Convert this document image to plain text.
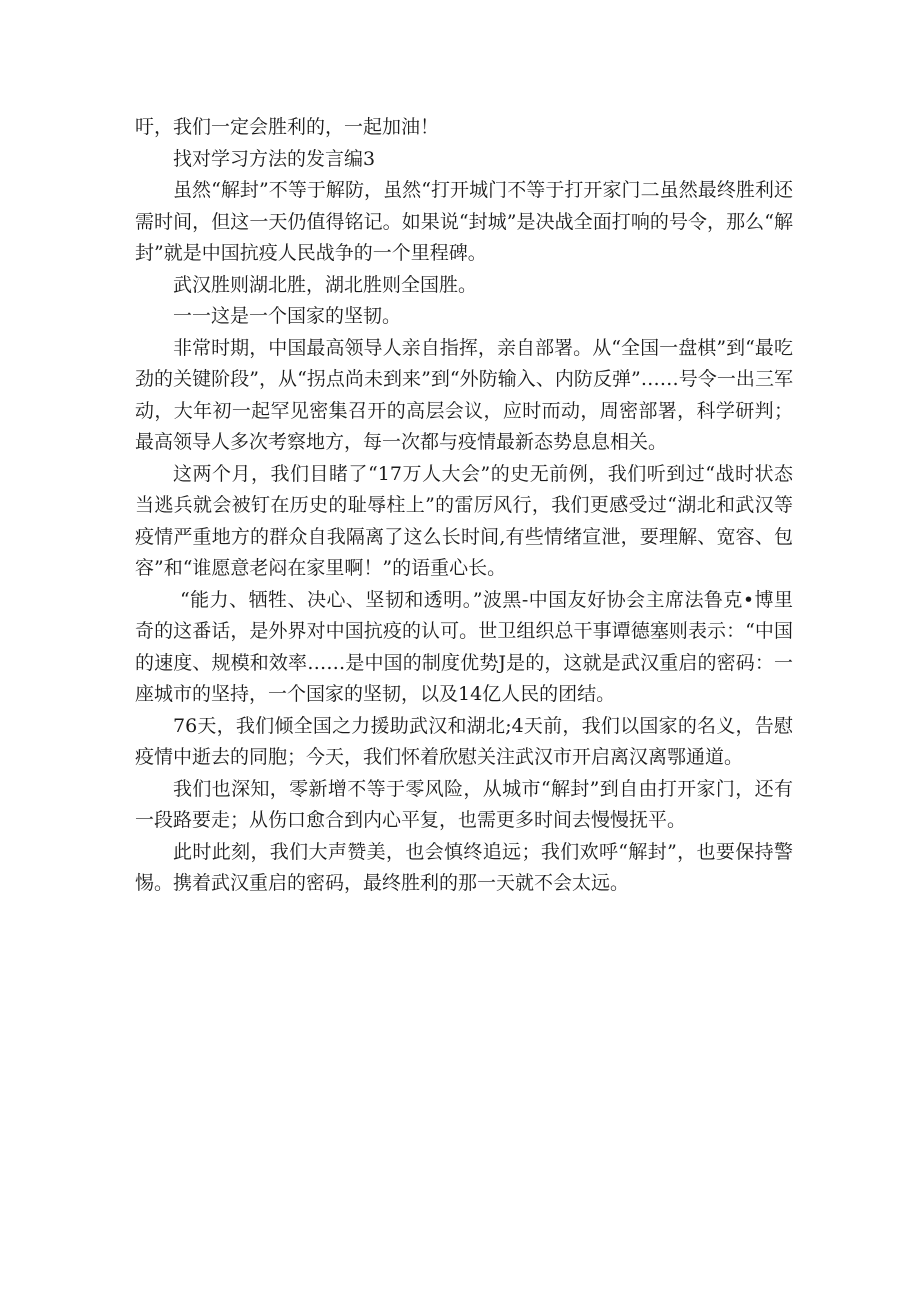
吁，我们一定会胜利的，一起加油！

找对学习方法的发言编3

虽然“解封”不等于解防，虽然“打开城门不等于打开家门二虽然最终胜利还需时间，但这一天仍值得铭记。如果说“封城”是决战全面打响的号令，那么“解封”就是中国抗疫人民战争的一个里程碑。

武汉胜则湖北胜，湖北胜则全国胜。

一一这是一个国家的坚韧。

非常时期，中国最高领导人亲自指挥，亲自部署。从“全国一盘棋”到“最吃劲的关键阶段”，从“拐点尚未到来”到“外防输入、内防反弹”……号令一出三军动，大年初一起罕见密集召开的高层会议，应时而动，周密部署，科学研判；最高领导人多次考察地方，每一次都与疫情最新态势息息相关。

这两个月，我们目睹了“17万人大会”的史无前例，我们听到过“战时状态当逃兵就会被钉在历史的耻辱柱上”的雷厉风行，我们更感受过“湖北和武汉等疫情严重地方的群众自我隔离了这么长时间,有些情绪宣泄，要理解、宽容、包容”和“谁愿意老闷在家里啊！”的语重心长。

“能力、牺牲、决心、坚韧和透明。”波黑-中国友好协会主席法鲁克•博里奇的这番话，是外界对中国抗疫的认可。世卫组织总干事谭德塞则表示：“中国的速度、规模和效率……是中国的制度优势J是的，这就是武汉重启的密码：一座城市的坚持，一个国家的坚韧，以及14亿人民的团结。

76天，我们倾全国之力援助武汉和湖北;4天前，我们以国家的名义，告慰疫情中逝去的同胞；今天，我们怀着欣慰关注武汉市开启离汉离鄂通道。

我们也深知，零新增不等于零风险，从城市“解封”到自由打开家门，还有一段路要走；从伤口愈合到内心平复，也需更多时间去慢慢抚平。

此时此刻，我们大声赞美，也会慎终追远；我们欢呼“解封”，也要保持警惕。携着武汉重启的密码，最终胜利的那一天就不会太远。
